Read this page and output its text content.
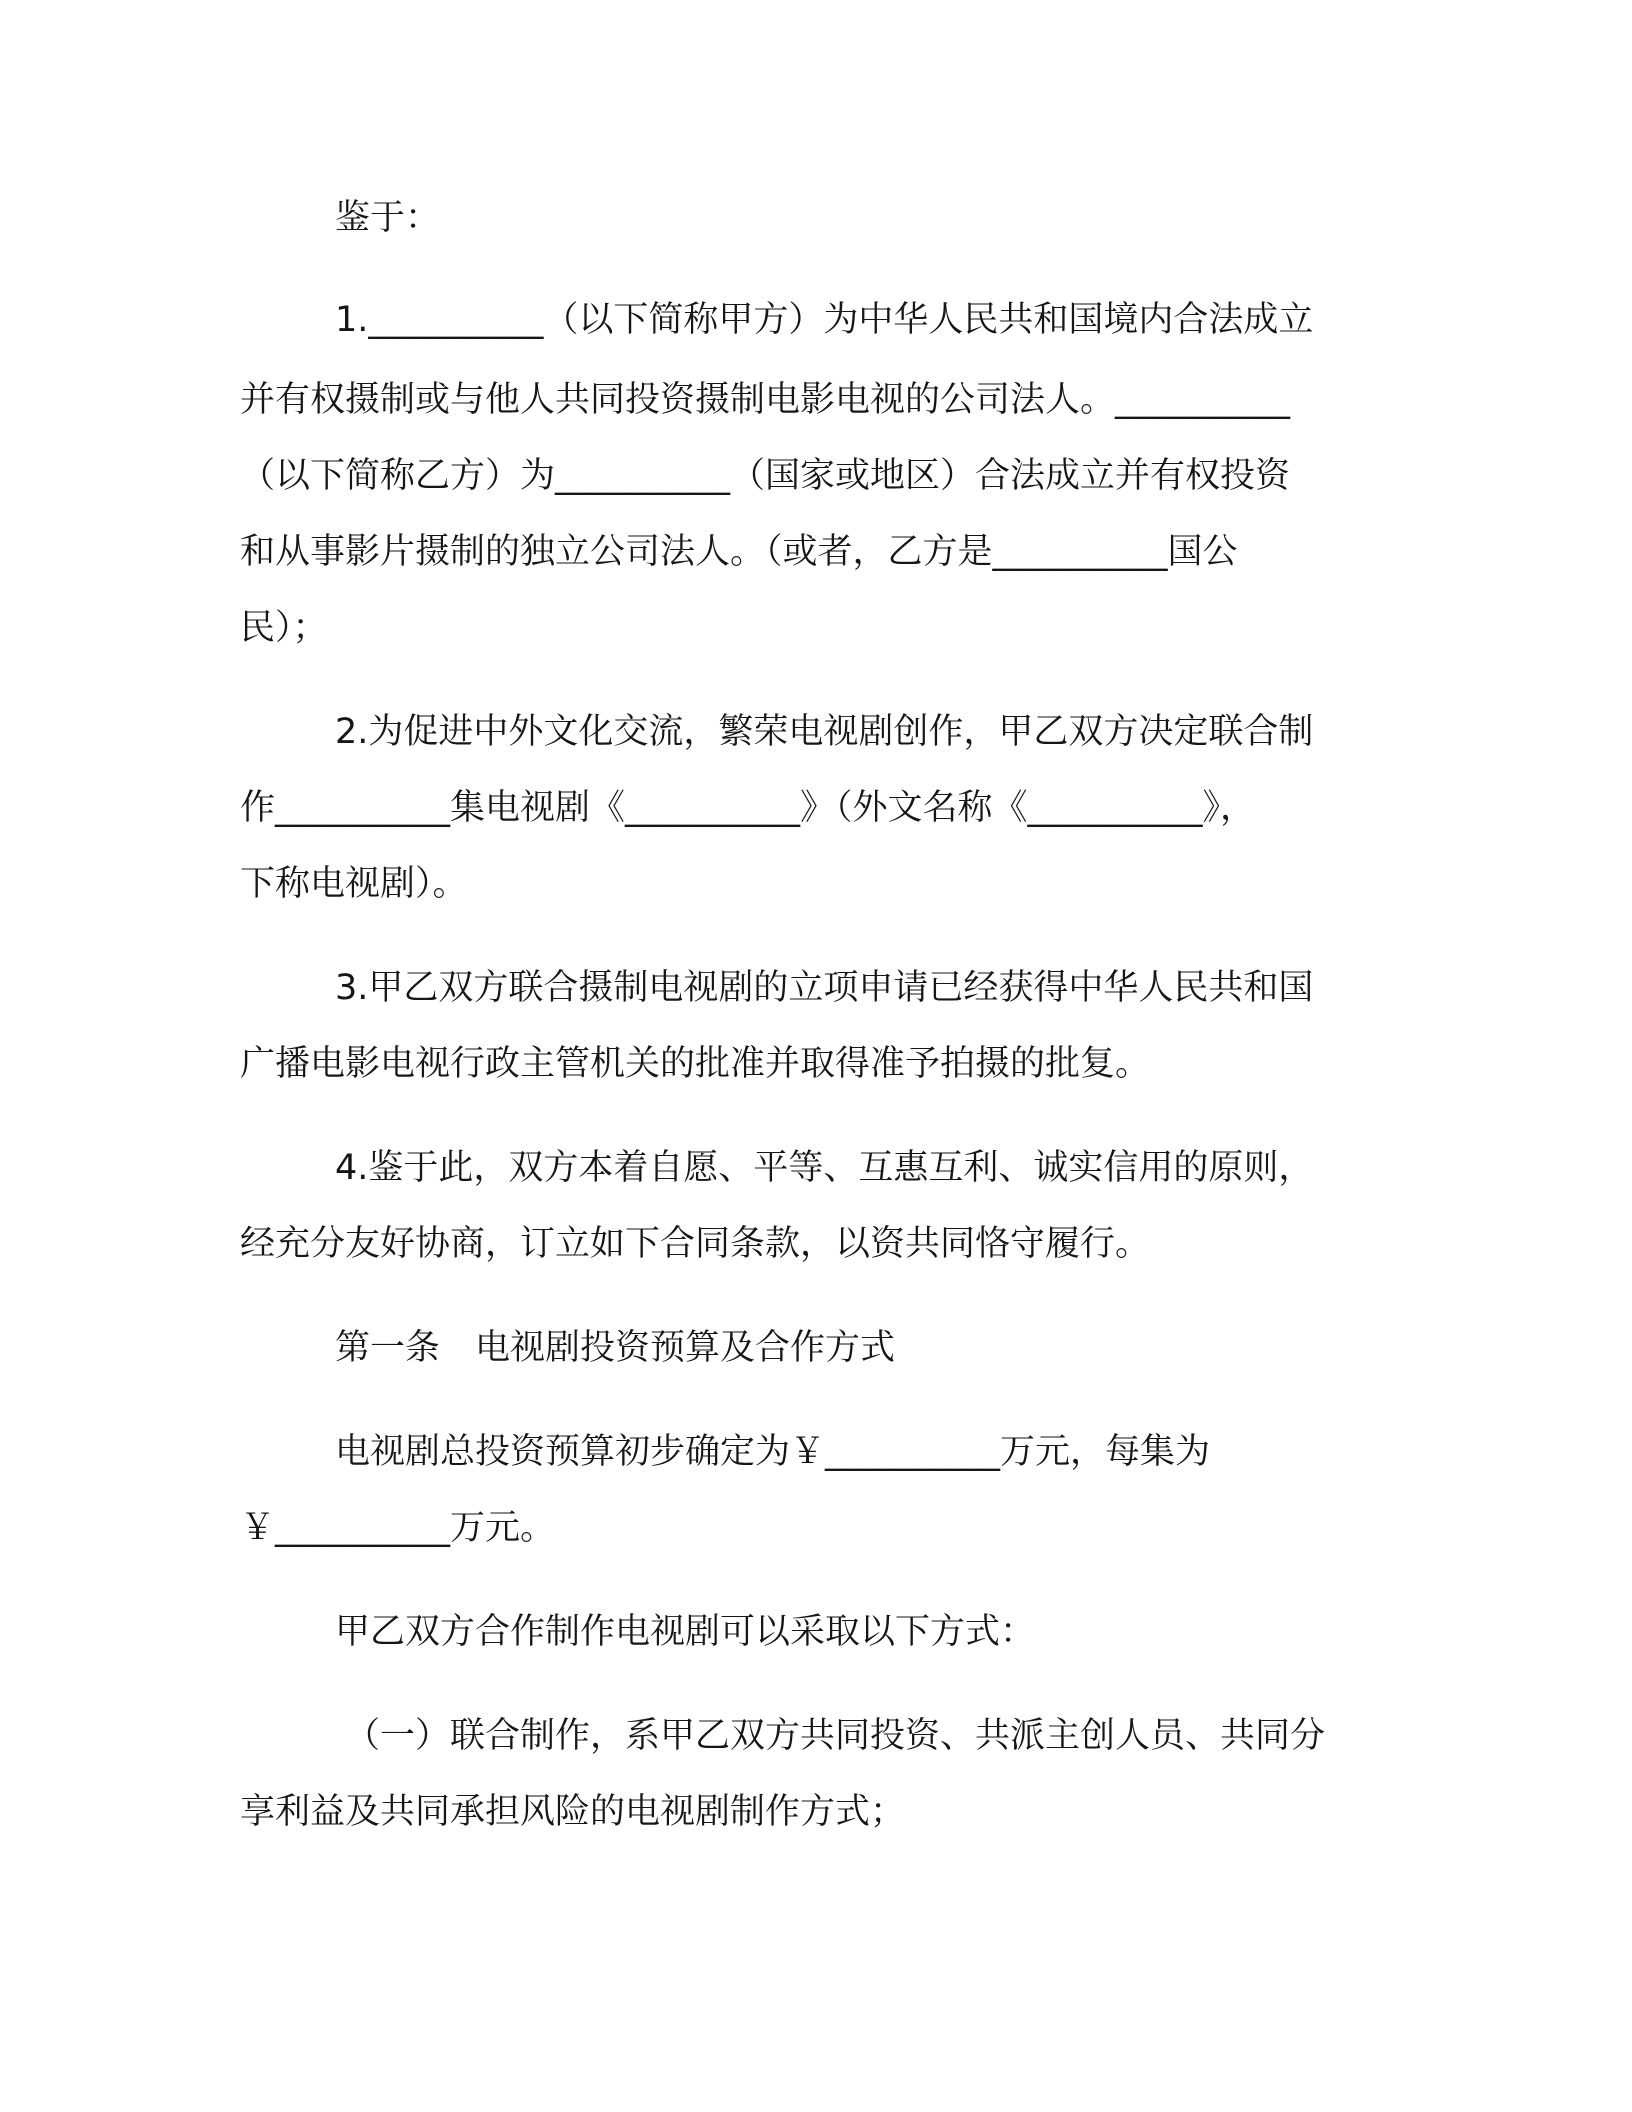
鉴于：
1.__________（以下简称甲方）为中华人民共和国境内合法成立
并有权摄制或与他人共同投资摄制电影电视的公司法人。__________
（以下简称乙方）为__________（国家或地区）合法成立并有权投资
和从事影片摄制的独立公司法人。（或者，乙方是__________国公
民）；
2.为促进中外文化交流，繁荣电视剧创作，甲乙双方决定联合制
作__________集电视剧《__________》（外文名称《__________》，
下称电视剧）。
3.甲乙双方联合摄制电视剧的立项申请已经获得中华人民共和国
广播电影电视行政主管机关的批准并取得准予拍摄的批复。
4.鉴于此，双方本着自愿、平等、互惠互利、诚实信用的原则，
经充分友好协商，订立如下合同条款，以资共同恪守履行。
第一条　电视剧投资预算及合作方式
电视剧总投资预算初步确定为￥__________万元，每集为
￥__________万元。
甲乙双方合作制作电视剧可以采取以下方式：
（一）联合制作，系甲乙双方共同投资、共派主创人员、共同分
享利益及共同承担风险的电视剧制作方式；
